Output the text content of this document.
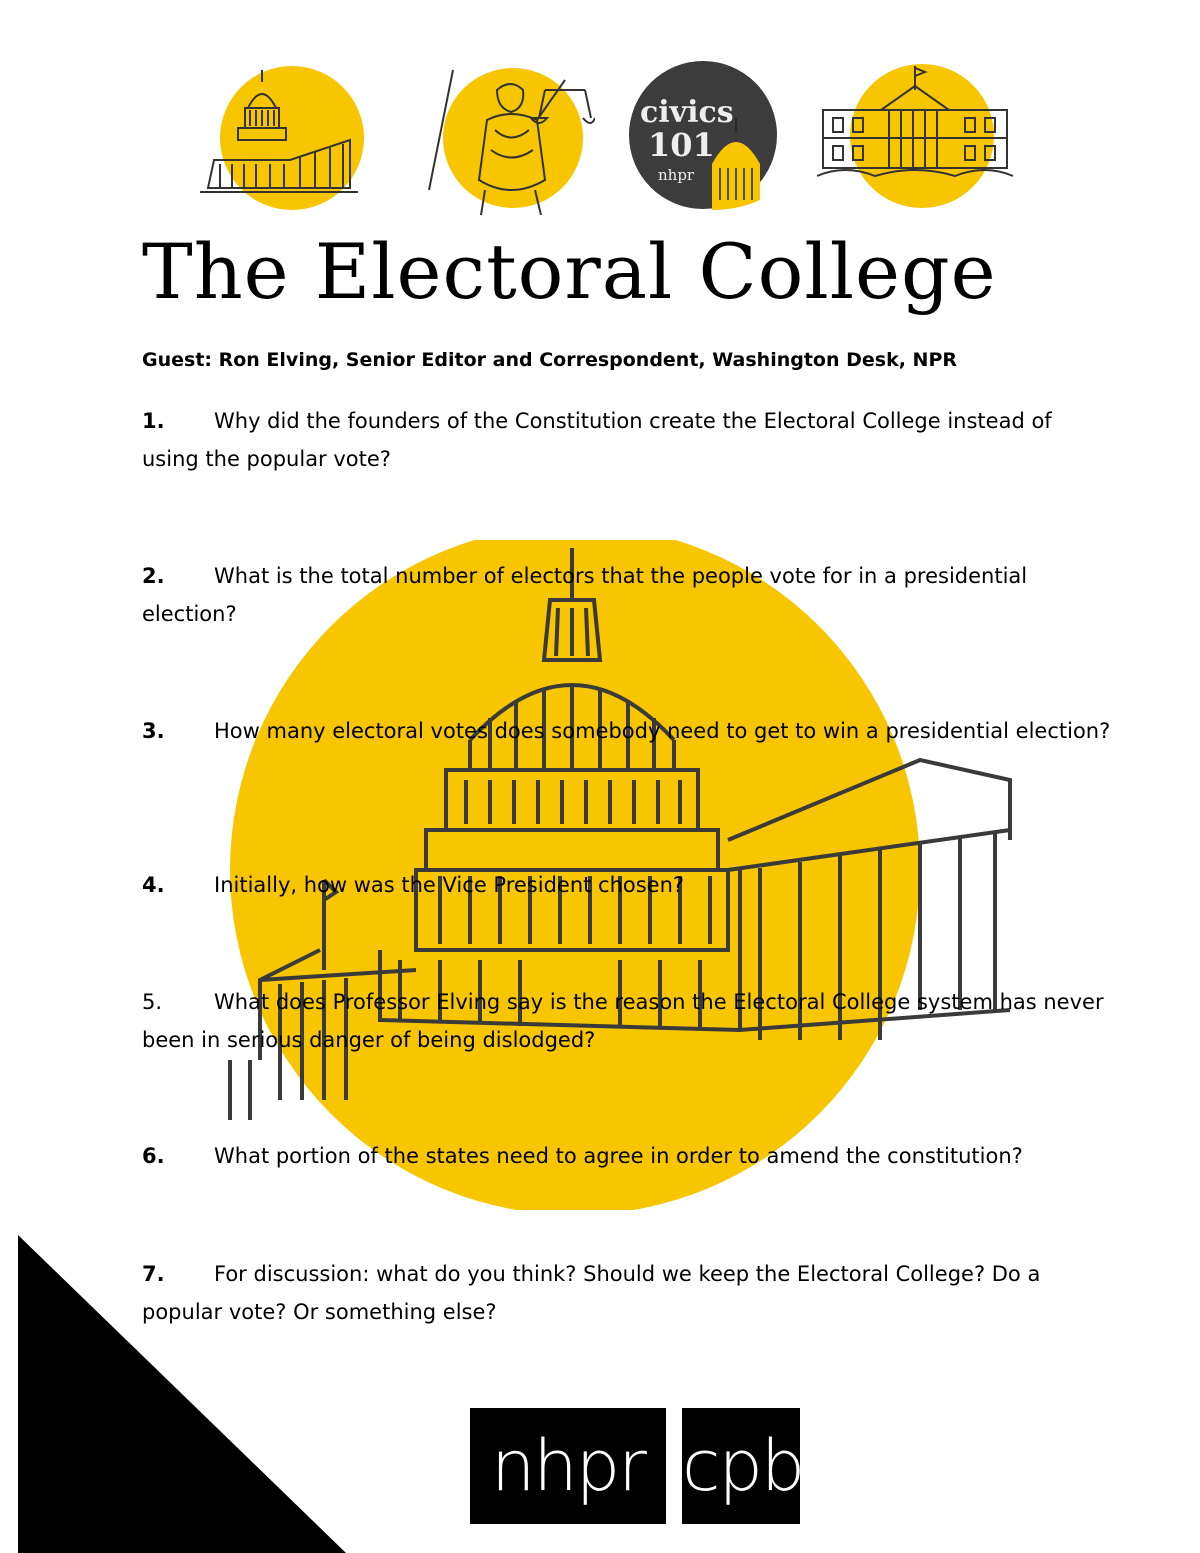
civics
101
nhpr
The Electoral College
Guest: Ron Elving, Senior Editor and Correspondent, Washington Desk, NPR
1. Why did the founders of the Constitution create the Electoral College instead of using the popular vote?
2. What is the total number of electors that the people vote for in a presidential election?
3. How many electoral votes does somebody need to get to win a presidential election?
4. Initially, how was the Vice President chosen?
5. What does Professor Elving say is the reason the Electoral College system has never been in serious danger of being dislodged?
6. What portion of the states need to agree in order to amend the constitution?
7. For discussion: what do you think? Should we keep the Electoral College? Do a popular vote? Or something else?
nhpr cpb
